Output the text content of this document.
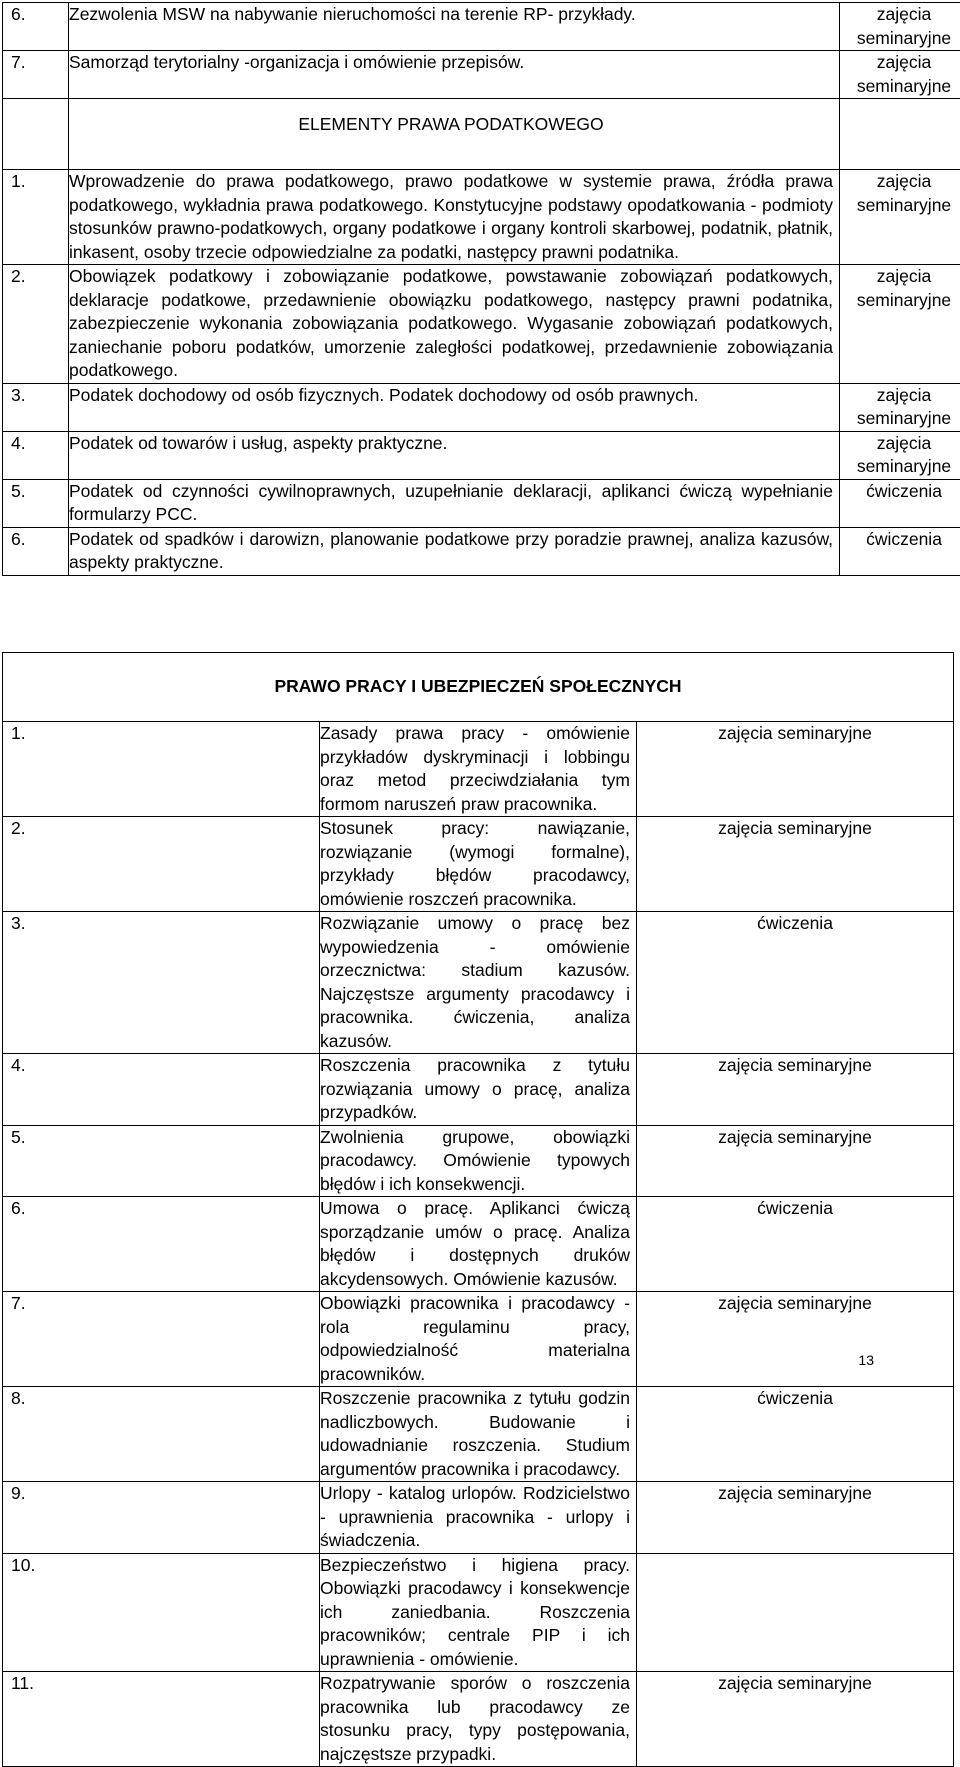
6.	Zezwolenia MSW na nabywanie nieruchomości na terenie RP- przykłady.	zajęcia seminaryjne
7.	Samorząd terytorialny -organizacja i omówienie przepisów.	zajęcia seminaryjne
	ELEMENTY PRAWA PODATKOWEGO	
1.	Wprowadzenie do prawa podatkowego, prawo podatkowe w systemie prawa, źródła prawa podatkowego, wykładnia prawa podatkowego. Konstytucyjne podstawy opodatkowania - podmioty stosunków prawno-podatkowych, organy podatkowe i organy kontroli skarbowej, podatnik, płatnik, inkasent, osoby trzecie odpowiedzialne za podatki, następcy prawni podatnika.	zajęcia seminaryjne
2.	Obowiązek podatkowy i zobowiązanie podatkowe, powstawanie zobowiązań podatkowych, deklaracje podatkowe, przedawnienie obowiązku podatkowego, następcy prawni podatnika, zabezpieczenie wykonania zobowiązania podatkowego. Wygasanie zobowiązań podatkowych, zaniechanie poboru podatków, umorzenie zaległości podatkowej, przedawnienie zobowiązania podatkowego.	zajęcia seminaryjne
3.	Podatek dochodowy od osób fizycznych. Podatek dochodowy od osób prawnych.	zajęcia seminaryjne
4.	Podatek od towarów i usług, aspekty praktyczne.	zajęcia seminaryjne
5.	Podatek od czynności cywilnoprawnych, uzupełnianie deklaracji, aplikanci ćwiczą wypełnianie formularzy PCC.	ćwiczenia
6.	Podatek od spadków i darowizn, planowanie podatkowe przy poradzie prawnej, analiza kazusów, aspekty praktyczne.	ćwiczenia
PRAWO PRACY I UBEZPIECZEŃ SPOŁECZNYCH		
1.	Zasady prawa pracy - omówienie przykładów dyskryminacji i lobbingu oraz metod przeciwdziałania tym formom naruszeń praw pracownika.	zajęcia seminaryjne
2.	Stosunek pracy: nawiązanie, rozwiązanie (wymogi formalne), przykłady błędów pracodawcy, omówienie roszczeń pracownika.	zajęcia seminaryjne
3.	Rozwiązanie umowy o pracę bez wypowiedzenia - omówienie orzecznictwa: stadium kazusów. Najczęstsze argumenty pracodawcy i pracownika. ćwiczenia, analiza kazusów.	ćwiczenia
4.	Roszczenia pracownika z tytułu rozwiązania umowy o pracę, analiza przypadków.	zajęcia seminaryjne
5.	Zwolnienia grupowe, obowiązki pracodawcy. Omówienie typowych błędów i ich konsekwencji.	zajęcia seminaryjne
6.	Umowa o pracę. Aplikanci ćwiczą sporządzanie umów o pracę. Analiza błędów i dostępnych druków akcydensowych. Omówienie kazusów.	ćwiczenia
7.	Obowiązki pracownika i pracodawcy - rola regulaminu pracy, odpowiedzialność materialna pracowników.	zajęcia seminaryjne
8.	Roszczenie pracownika z tytułu godzin nadliczbowych. Budowanie i udowadnianie roszczenia. Studium argumentów pracownika i pracodawcy.	ćwiczenia
9.	Urlopy - katalog urlopów. Rodzicielstwo - uprawnienia pracownika - urlopy i świadczenia.	zajęcia seminaryjne
10.	Bezpieczeństwo i higiena pracy. Obowiązki pracodawcy i konsekwencje ich zaniedbania. Roszczenia pracowników; centrale PIP i ich uprawnienia - omówienie.	
11.	Rozpatrywanie sporów o roszczenia pracownika lub pracodawcy ze stosunku pracy, typy postępowania, najczęstsze przypadki.	zajęcia seminaryjne
13
